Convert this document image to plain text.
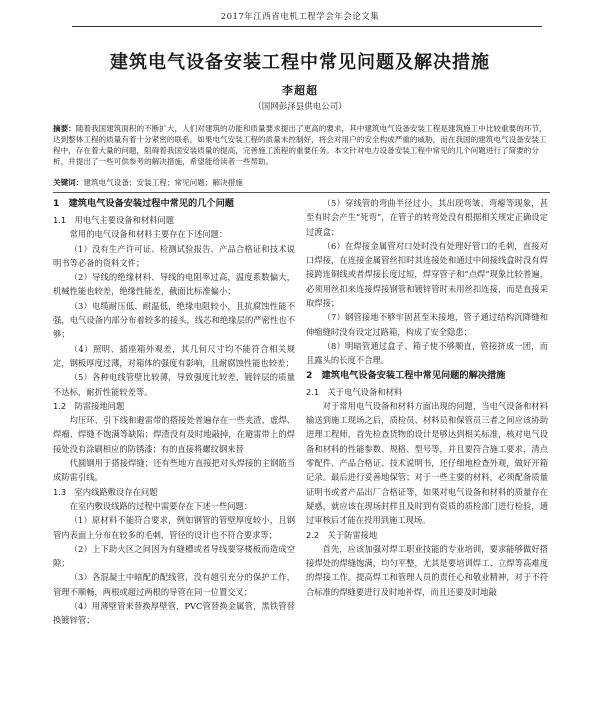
2017年江西省电机工程学会年会论文集
建筑电气设备安装工程中常见问题及解决措施
李超超
（国网彭泽县供电公司）
摘要：随着我国建筑面积的不断扩大，人们对建筑的功能和质量要求提出了更高的要求，其中建筑电气设备安装工程是建筑施工中比较重要的环节，达到整体工程的质量有着十分紧密的联系，如果电气安装工程的质量未控制好，将会对用户的安全构成严重的威胁，而在我国的建筑电气设备安装工程中，存在着大量的问题，阻碍着我国安装质量的提高，完善施工流程的重要任务。本文针对电力设备安装工程中常见的几个问题进行了简要的分析，并提出了一些可供参考的解决措施，希望能给读者一些帮助。
关键词：建筑电气设备；安装工程；常见问题；解决措施
1　建筑电气设备安装过程中常见的几个问题
1.1　用电气主要设备和材料问题

常用的电气设备和材料主要存在下述问题：

（1）没有生产许可证、检测试验报告、产品合格证和技术说明书等必备的资料文件；

（2）导线的绝缘材料、导线的电阻率过高，温度系数偏大，机械性能也较差，绝缘性能差，截面比标准偏小；

（3）电缆耐压低、耐温低，绝缘电阻较小，且抗腐蚀性能不强，电气设备内部分布着较多的接头，线芯和绝缘层的严密性也不够；

（4）照明、插座箱外观差，其几何尺寸均不能符合相关规定，钢板厚度过薄，对箱体的强度有影响，且耐腐蚀性能也较差；

（5）各种电线管壁比较薄，导致强度比较差，镀锌层的质量不达标，耐折性能较差等。

1.2　防雷接地问题

均压环、引下线和避雷带的搭接处普遍存在一些夹渣、虚焊、焊瘤、焊缝不饱满等缺陷；焊渣没有及时地敲掉，在避雷带上的焊接处没有涂刷相应的防锈漆；有的直接将螺纹钢来替

代圆钢用于搭接焊缝；还有些地方直接把对头焊接的主钢筋当成防雷引线。

1.3　室内线路敷设存在问题

在室内敷设线路的过程中需要存在下述一些问题：

（1）原材料不能符合要求，例如钢管的管壁厚度较小，且钢管内表面上分布在较多的毛刺，管径的设计也不符合要求等；

（2）上下助火区之间因为有缝槽或者导线要穿楼板而造成空隙；

（3）各混凝土中暗配的配线管，没有超引充分的保护工作，管理不顺畅，两根或超过两根的导管在同一位置交叉；

（4）用薄壁管来替换厚壁管，PVC管替换金属管，黑铁管替换镀锌管；

（5）穿线管的弯曲半径过小，其出现弯皱、弯瘪等现象，甚至有时会产生“死弯”，在管子的转弯处没有根据相关规定正确设定过渡盒；

（6）在焊接金属管对口处时没有处理好管口的毛刺，直接对口焊接，在连接金属管丝扣时其连接处和通过中间接线盒时没有焊接跨连铜线或者焊接长度过短，焊穿管子和“点焊”现象比较普遍，必须用丝扣来连接焊接钢管和镀锌管时未用丝扣连接，而是直接采取焊接；

（7）钢管接地不够牢固甚至未接地，管子通过结构沉降缝和伸缩缝时没有设定过路箱，构成了安全隐患；

（8）明暗管通过盒子、箱子使不够顺直，管接挤成一团，而且露头的长度不合理。

2　建筑电气设备安装工程中常见问题的解决措施
2.1　关于电气设备和材料

对于常用电气设备和材料方面出现的问题，当电气设备和材料输送到施工现场之后，质检员、材料员和保管员三者之间应该协助进理工程师，首先检查货物的设计是够达到相关标准，核对电气设备和材料的性能参数、规格、型号等，并且要符合施工要求，清点零配件、产品合格证、技术说明书，还仔细地检查外观，做好开箱记录。最后进行妥善地保管；对于一些主要的材料，必须配备质量证明书或者产品出厂合格证等，如果对电气设备和材料的质量存在疑惑，就应该在现场封样且及时到有资质的质检部门进行检验，通过审核后才能在投用到施工现场。

2.2　关于防雷接地

首先，应该加强对焊工职业技能的专业培训，要求能够做好搭接焊处的焊缝饱满，均匀平整，尤其是要培训焊工、立焊等高难度的焊接工作。提高焊工和管理人员的责任心和敬业精神，对于不符合标准的焊缝要进行及时地补焊，而且还要及时地敲
